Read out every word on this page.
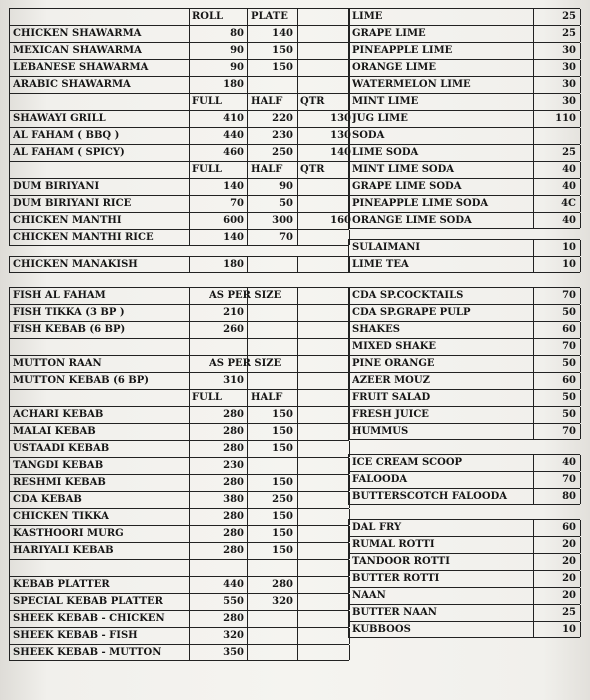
ROLL	PLATE
CHICKEN SHAWARMA	80	140
MEXICAN SHAWARMA	90	150
LEBANESE SHAWARMA	90	150
ARABIC SHAWARMA	180
FULL	HALF	QTR
SHAWAYI GRILL	410	220	130
AL FAHAM ( BBQ )	440	230	130
AL FAHAM ( SPICY)	460	250	140
FULL	HALF	QTR
DUM BIRIYANI	140	90
DUM BIRIYANI RICE	70	50
CHICKEN MANTHI	600	300	160
CHICKEN MANTHI RICE	140	70
CHICKEN MANAKISH	180
FISH AL FAHAM	AS PER SIZE
FISH TIKKA (3 BP )	210
FISH KEBAB (6 BP)	260
MUTTON RAAN	AS PER SIZE
MUTTON KEBAB (6 BP)	310
FULL	HALF
ACHARI KEBAB	280	150
MALAI KEBAB	280	150
USTAADI KEBAB	280	150
TANGDI KEBAB	230
RESHMI KEBAB	280	150
CDA KEBAB	380	250
CHICKEN TIKKA	280	150
KASTHOORI MURG	280	150
HARIYALI KEBAB	280	150
KEBAB PLATTER	440	280
SPECIAL KEBAB PLATTER	550	320
SHEEK KEBAB - CHICKEN	280
SHEEK KEBAB - FISH	320
SHEEK KEBAB - MUTTON	350
LIME	25
GRAPE LIME	25
PINEAPPLE LIME	30
ORANGE LIME	30
WATERMELON LIME	30
MINT LIME	30
JUG LIME	110
SODA
LIME SODA	25
MINT LIME SODA	40
GRAPE LIME SODA	40
PINEAPPLE LIME SODA	4C
ORANGE LIME SODA	40
SULAIMANI	10
LIME TEA	10
CDA SP.COCKTAILS	70
CDA SP.GRAPE PULP	50
SHAKES	60
MIXED SHAKE	70
PINE ORANGE	50
AZEER MOUZ	60
FRUIT SALAD	50
FRESH JUICE	50
HUMMUS	70
ICE CREAM SCOOP	40
FALOODA	70
BUTTERSCOTCH FALOODA	80
DAL FRY	60
RUMAL ROTTI	20
TANDOOR ROTTI	20
BUTTER ROTTI	20
NAAN	20
BUTTER NAAN	25
KUBBOOS	10
